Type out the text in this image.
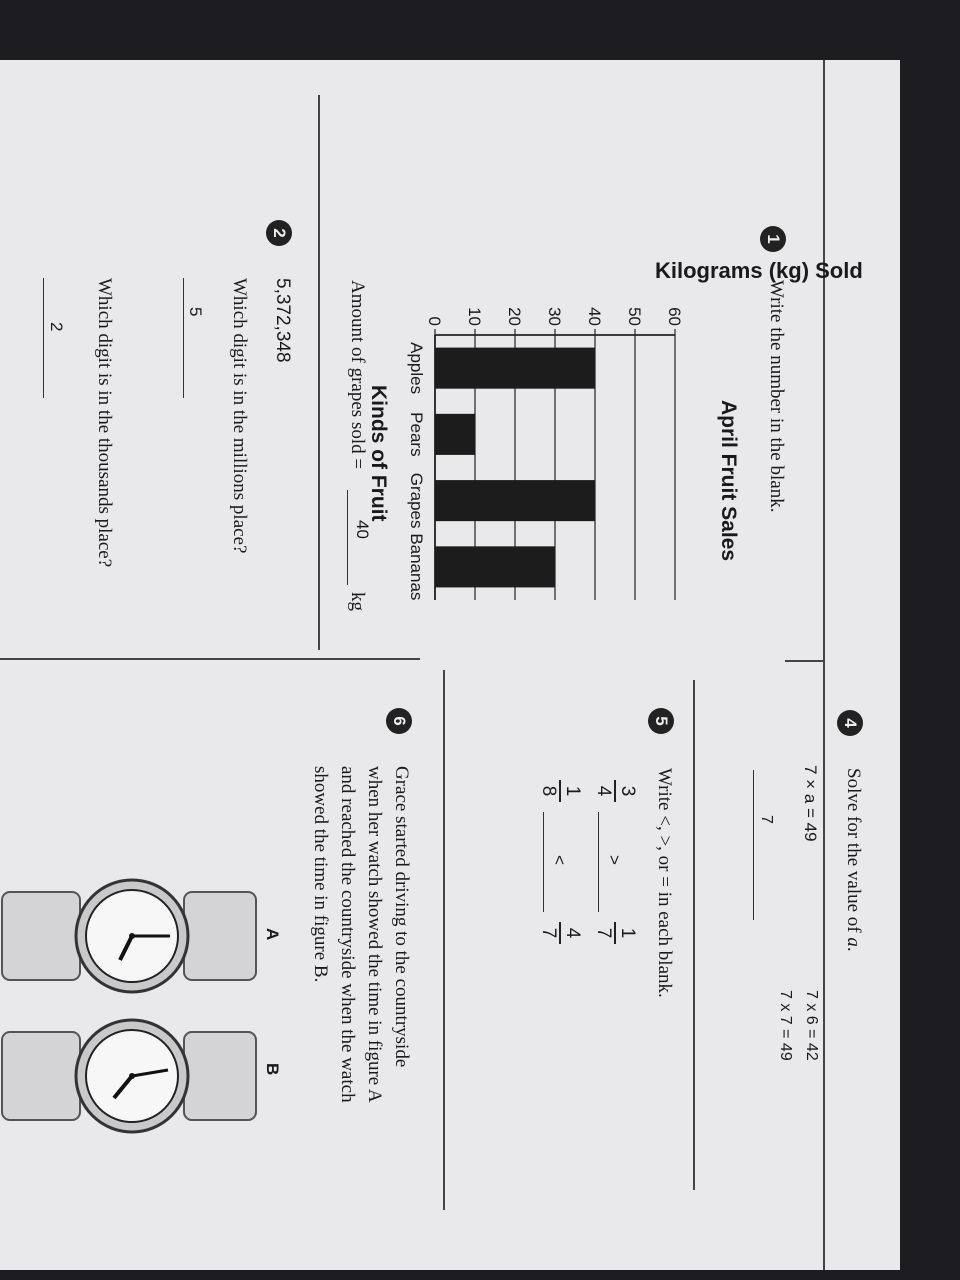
1
Write the number in the blank.
April Fruit Sales
Kilograms (kg) Sold
0 10 20 30 40 50 60
Apples
Pears
Grapes
Bananas
Kinds of Fruit
Amount of grapes sold =
40
kg
2
5,372,348
Which digit is in the millions place?
5
Which digit is in the thousands place?
2
4
Solve for the value of a.
7 × a = 49
7 x 6 = 42
7 x 7 = 49
7
5
Write <, >, or = in each blank.
3
4
>
1
7
1
8
<
4
7
6
Grace started driving to the countryside
when her watch showed the time in figure A
and reached the countryside when the watch
showed the time in figure B.
A
B
